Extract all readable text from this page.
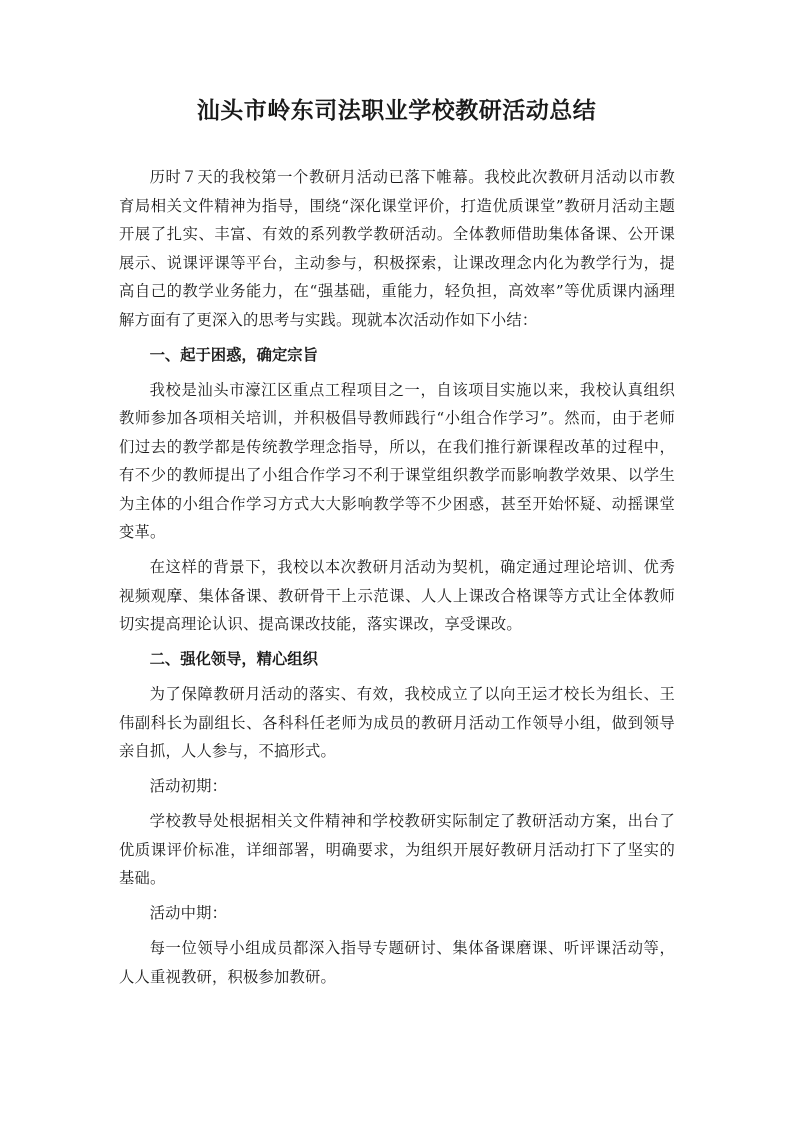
汕头市岭东司法职业学校教研活动总结

历时７天的我校第一个教研月活动已落下帷幕。我校此次教研月活动以市教育局相关文件精神为指导，围绕“深化课堂评价，打造优质课堂”教研月活动主题开展了扎实、丰富、有效的系列教学教研活动。全体教师借助集体备课、公开课展示、说课评课等平台，主动参与，积极探索，让课改理念内化为教学行为，提高自己的教学业务能力，在“强基础，重能力，轻负担，高效率”等优质课内涵理解方面有了更深入的思考与实践。现就本次活动作如下小结：

一、起于困惑，确定宗旨

我校是汕头市濠江区重点工程项目之一，自该项目实施以来，我校认真组织教师参加各项相关培训，并积极倡导教师践行“小组合作学习”。然而，由于老师们过去的教学都是传统教学理念指导，所以，在我们推行新课程改革的过程中，有不少的教师提出了小组合作学习不利于课堂组织教学而影响教学效果、以学生为主体的小组合作学习方式大大影响教学等不少困惑，甚至开始怀疑、动摇课堂变革。

在这样的背景下，我校以本次教研月活动为契机，确定通过理论培训、优秀视频观摩、集体备课、教研骨干上示范课、人人上课改合格课等方式让全体教师切实提高理论认识、提高课改技能，落实课改，享受课改。

二、强化领导，精心组织

为了保障教研月活动的落实、有效，我校成立了以向王运才校长为组长、王伟副科长为副组长、各科科任老师为成员的教研月活动工作领导小组，做到领导亲自抓，人人参与，不搞形式。

活动初期：

学校教导处根据相关文件精神和学校教研实际制定了教研活动方案，出台了优质课评价标准，详细部署，明确要求，为组织开展好教研月活动打下了坚实的基础。

活动中期：

每一位领导小组成员都深入指导专题研讨、集体备课磨课、听评课活动等，人人重视教研，积极参加教研。
